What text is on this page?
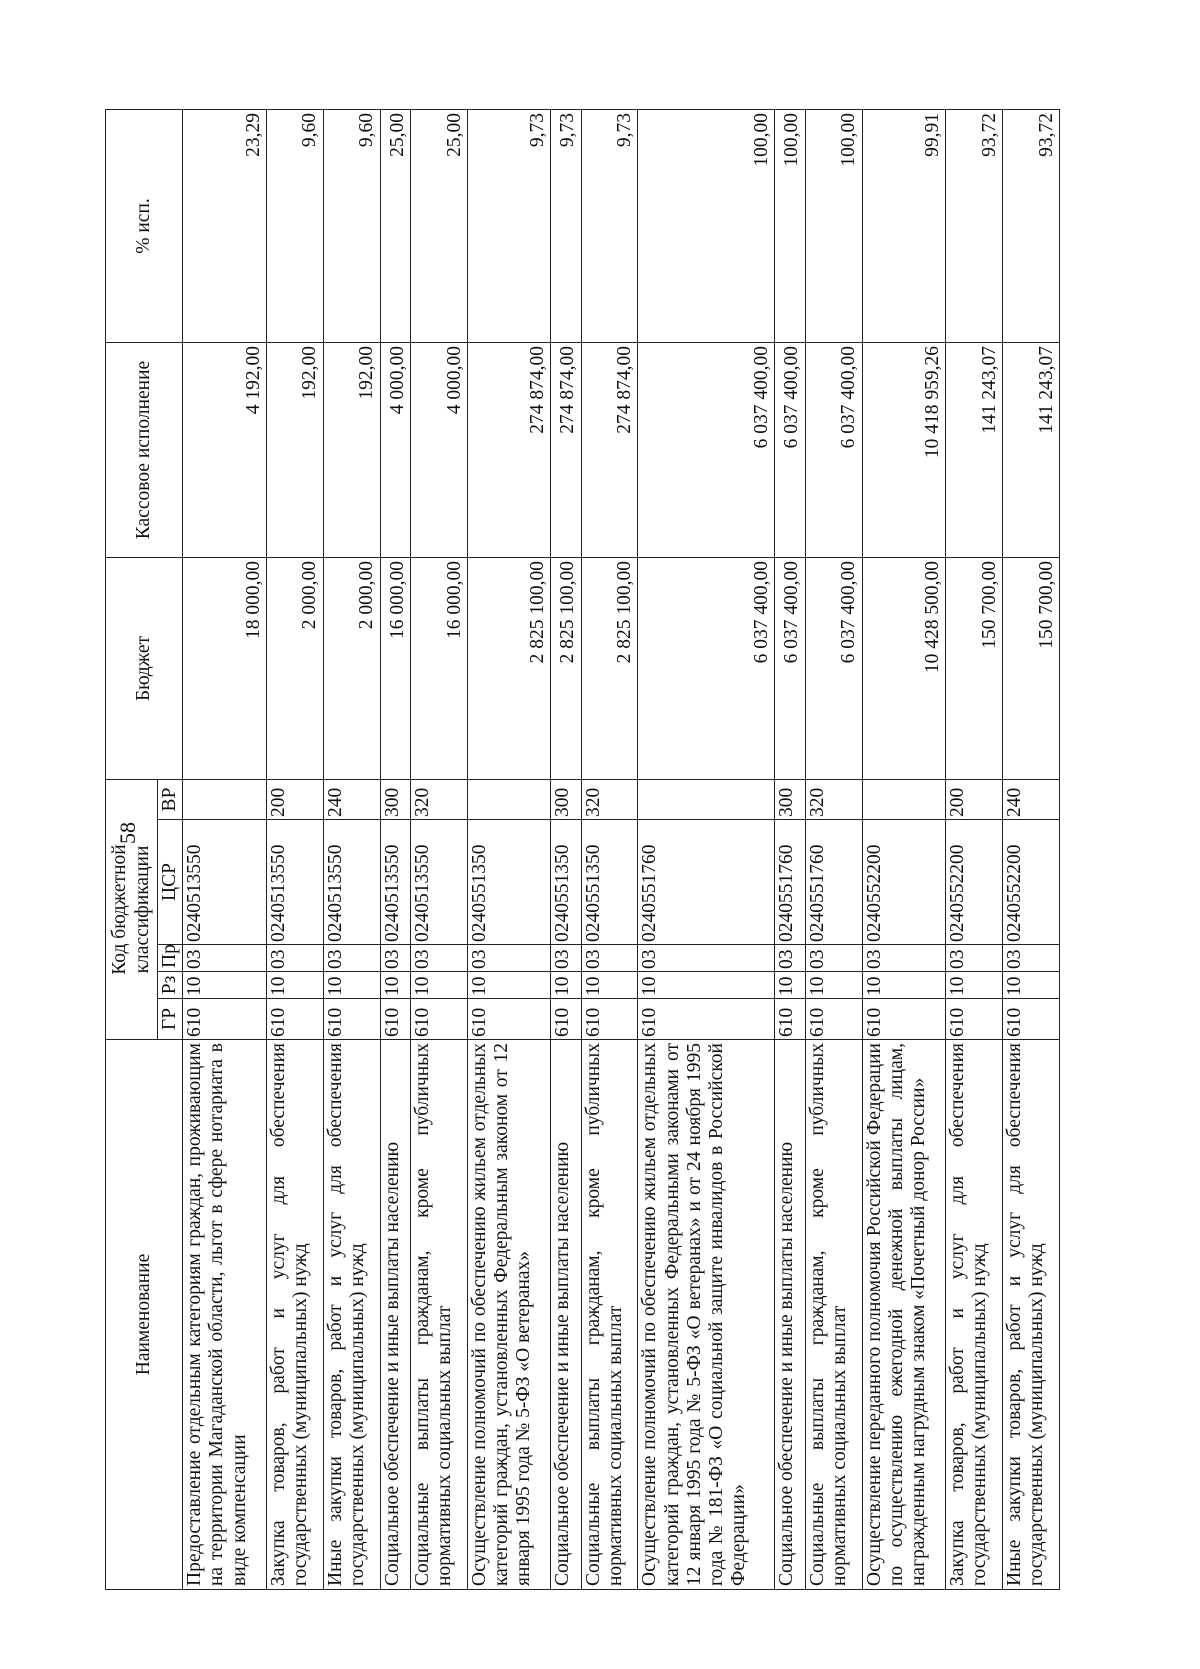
58
Наименование	Код бюджетной классификации					Бюджет	Кассовое исполнение	% исп.
	ГР	Рз	Пр	ЦСР	ВР			
Предоставление отдельным категориям граждан, проживающим на территории Магаданской области, льгот в сфере нотариата в виде компенсации	610	10	03	0240513550		18 000,00	4 192,00	23,29
Закупка товаров, работ и услуг для обеспечения государственных (муниципальных) нужд	610	10	03	0240513550	200	2 000,00	192,00	9,60
Иные закупки товаров, работ и услуг для обеспечения государственных (муниципальных) нужд	610	10	03	0240513550	240	2 000,00	192,00	9,60
Социальное обеспечение и иные выплаты населению	610	10	03	0240513550	300	16 000,00	4 000,00	25,00
Социальные выплаты гражданам, кроме публичных нормативных социальных выплат	610	10	03	0240513550	320	16 000,00	4 000,00	25,00
Осуществление полномочий по обеспечению жильем отдельных категорий граждан, установленных Федеральным законом от 12 января 1995 года № 5-ФЗ «О ветеранах»	610	10	03	0240551350		2 825 100,00	274 874,00	9,73
Социальное обеспечение и иные выплаты населению	610	10	03	0240551350	300	2 825 100,00	274 874,00	9,73
Социальные выплаты гражданам, кроме публичных нормативных социальных выплат	610	10	03	0240551350	320	2 825 100,00	274 874,00	9,73
Осуществление полномочий по обеспечению жильем отдельных категорий граждан, установленных Федеральными законами от 12 января 1995 года № 5-ФЗ «О ветеранах» и от 24 ноября 1995 года № 181-ФЗ «О социальной защите инвалидов в Российской Федерации»	610	10	03	0240551760		6 037 400,00	6 037 400,00	100,00
Социальное обеспечение и иные выплаты населению	610	10	03	0240551760	300	6 037 400,00	6 037 400,00	100,00
Социальные выплаты гражданам, кроме публичных нормативных социальных выплат	610	10	03	0240551760	320	6 037 400,00	6 037 400,00	100,00
Осуществление переданного полномочия Российской Федерации по осуществлению ежегодной денежной выплаты лицам, награжденным нагрудным знаком «Почетный донор России»	610	10	03	0240552200		10 428 500,00	10 418 959,26	99,91
Закупка товаров, работ и услуг для обеспечения государственных (муниципальных) нужд	610	10	03	0240552200	200	150 700,00	141 243,07	93,72
Иные закупки товаров, работ и услуг для обеспечения государственных (муниципальных) нужд	610	10	03	0240552200	240	150 700,00	141 243,07	93,72
